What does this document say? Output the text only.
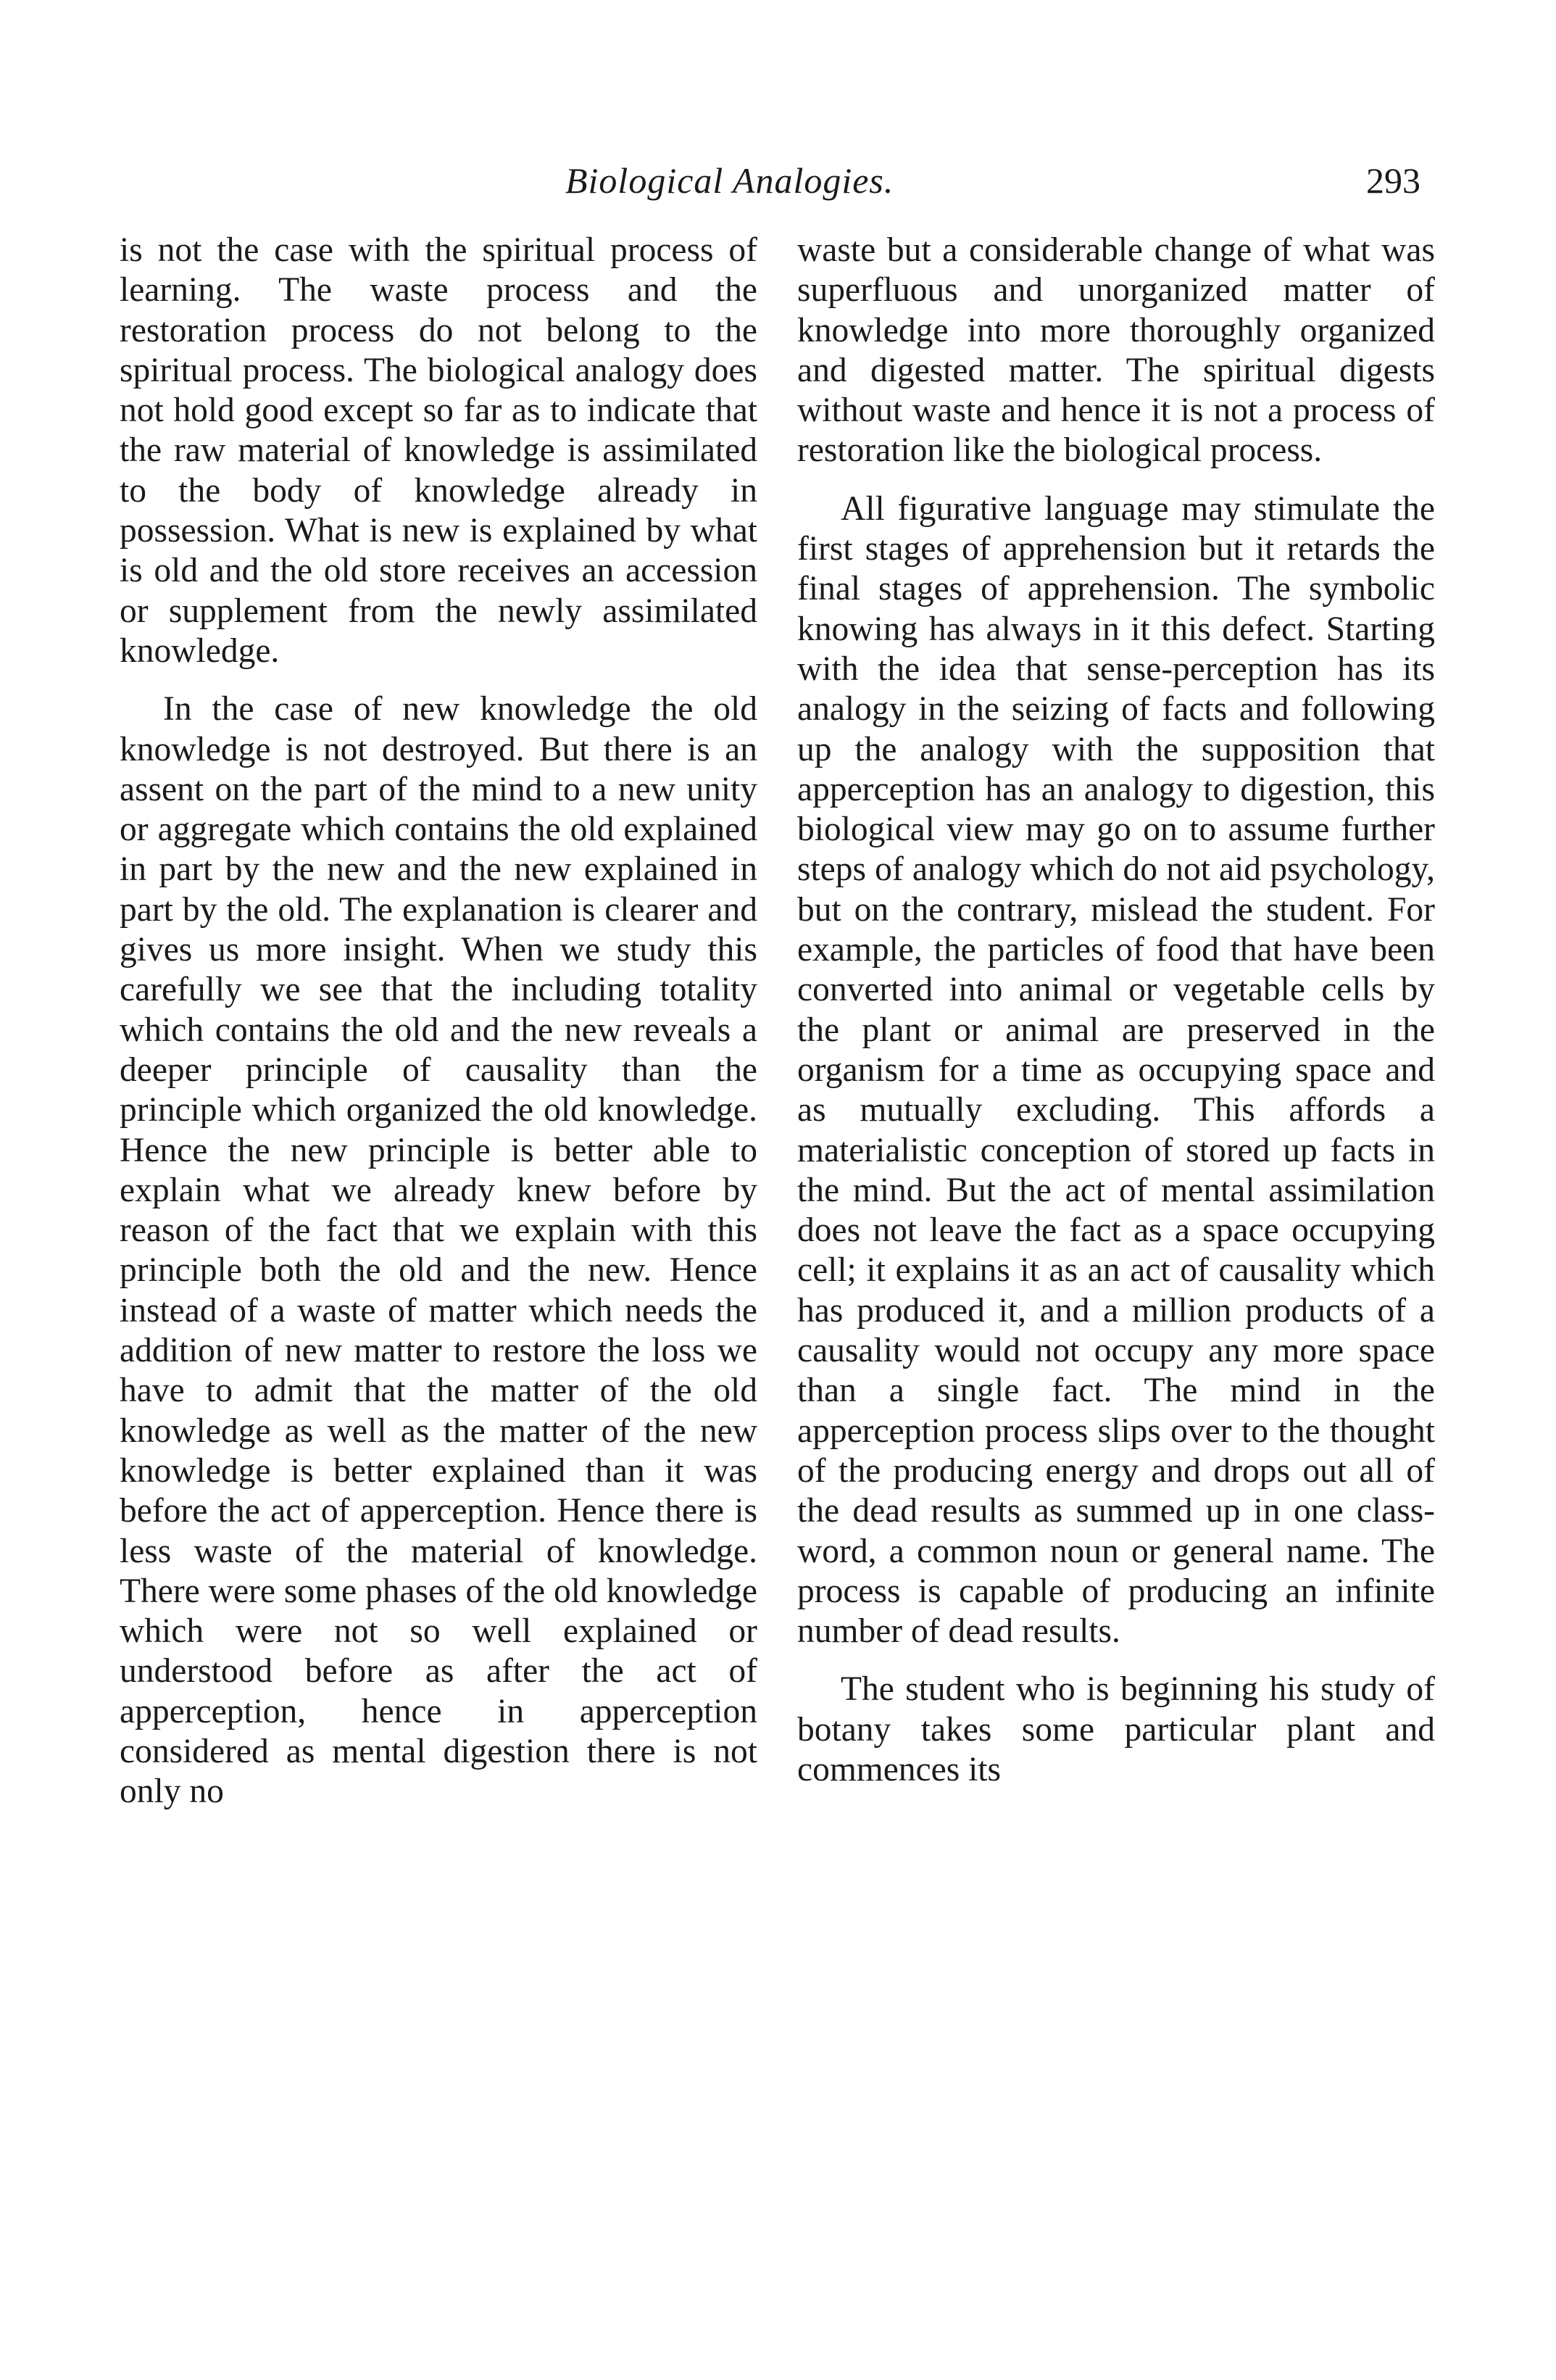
Biological Analogies.	293

is not the case with the spiritual process of learning. The waste process and the restoration process do not belong to the spiritual process. The biological analogy does not hold good except so far as to indicate that the raw material of knowledge is assimilated to the body of knowledge already in possession. What is new is explained by what is old and the old store receives an accession or supplement from the newly assimilated knowledge.

In the case of new knowledge the old knowledge is not destroyed. But there is an assent on the part of the mind to a new unity or aggregate which contains the old explained in part by the new and the new explained in part by the old. The explanation is clearer and gives us more insight. When we study this carefully we see that the including totality which contains the old and the new reveals a deeper principle of causality than the principle which organized the old knowledge. Hence the new principle is better able to explain what we already knew before by reason of the fact that we explain with this principle both the old and the new. Hence instead of a waste of matter which needs the addition of new matter to restore the loss we have to admit that the matter of the old knowledge as well as the matter of the new knowledge is better explained than it was before the act of apperception. Hence there is less waste of the material of knowledge. There were some phases of the old knowledge which were not so well explained or understood before as after the act of apperception, hence in apperception considered as mental digestion there is not only no

waste but a considerable change of what was superfluous and unorganized matter of knowledge into more thoroughly organized and digested matter. The spiritual digests without waste and hence it is not a process of restoration like the biological process.

All figurative language may stimulate the first stages of apprehension but it retards the final stages of apprehension. The symbolic knowing has always in it this defect. Starting with the idea that sense-perception has its analogy in the seizing of facts and following up the analogy with the supposition that apperception has an analogy to digestion, this biological view may go on to assume further steps of analogy which do not aid psychology, but on the contrary, mislead the student. For example, the particles of food that have been converted into animal or vegetable cells by the plant or animal are preserved in the organism for a time as occupying space and as mutually excluding. This affords a materialistic conception of stored up facts in the mind. But the act of mental assimilation does not leave the fact as a space occupying cell; it explains it as an act of causality which has produced it, and a million products of a causality would not occupy any more space than a single fact. The mind in the apperception process slips over to the thought of the producing energy and drops out all of the dead results as summed up in one class-word, a common noun or general name. The process is capable of producing an infinite number of dead results.

The student who is beginning his study of botany takes some particular plant and commences its
